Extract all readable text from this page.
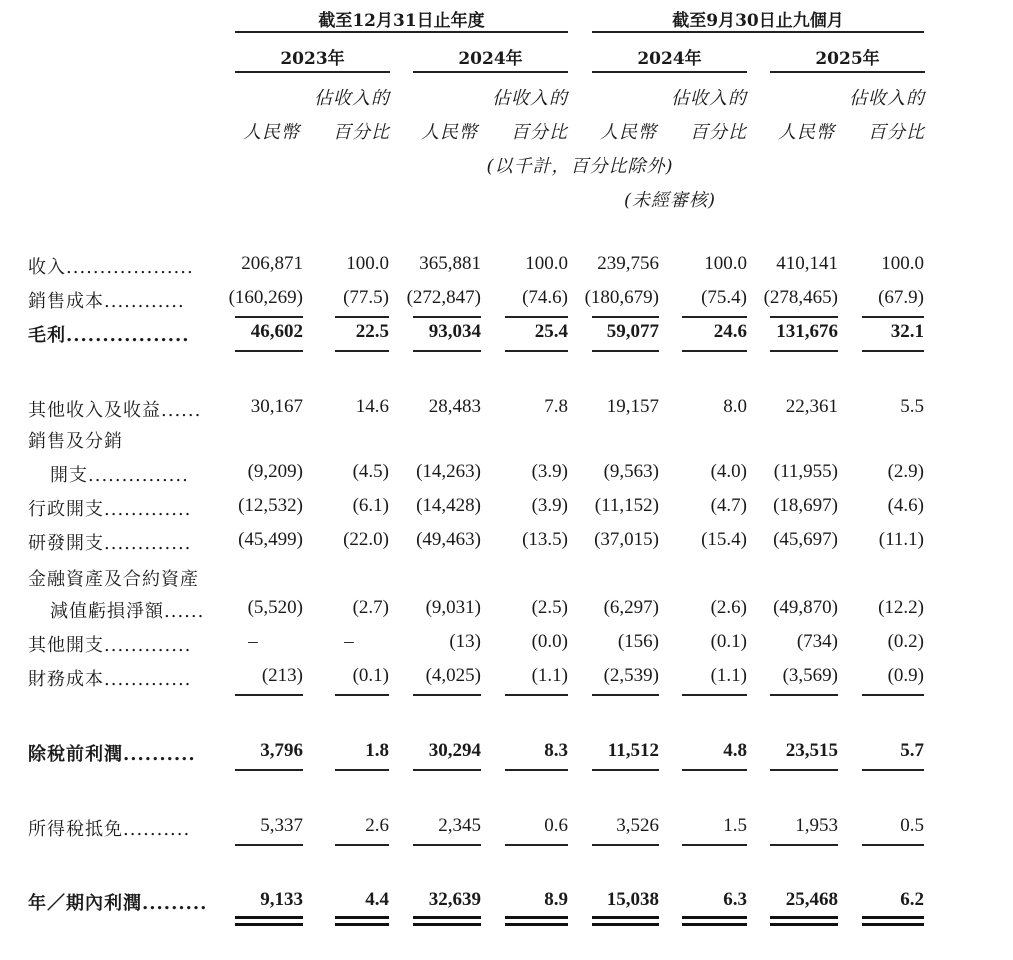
截至12月31日止年度	截至9月30日止九個月
2023年	2024年	2024年	2025年
佔收入的	佔收入的	佔收入的	佔收入的
人民幣	百分比	人民幣	百分比	人民幣	百分比	人民幣	百分比
(以千計，百分比除外)
(未經審核)
收入...................	206,871	100.0	365,881	100.0	239,756	100.0	410,141	100.0
銷售成本............	(160,269)	(77.5) (272,847)	(74.6) (180,679)	(75.4) (278,465)	(67.9)
毛利.................	46,602	22.5	93,034	25.4	59,077	24.6	131,676	32.1
其他收入及收益......	30,167	14.6	28,483	7.8	19,157	8.0	22,361	5.5
銷售及分銷
開支...............	(9,209)	(4.5)	(14,263)	(3.9)	(9,563)	(4.0)	(11,955)	(2.9)
行政開支.............	(12,532)	(6.1)	(14,428)	(3.9)	(11,152)	(4.7)	(18,697)	(4.6)
研發開支.............	(45,499)	(22.0)	(49,463)	(13.5)	(37,015)	(15.4)	(45,697)	(11.1)
金融資產及合約資產
減值虧損淨額......	(5,520)	(2.7)	(9,031)	(2.5)	(6,297)	(2.6)	(49,870)	(12.2)
其他開支.............	–	–	(13)	(0.0)	(156)	(0.1)	(734)	(0.2)
財務成本.............	(213)	(0.1)	(4,025)	(1.1)	(2,539)	(1.1)	(3,569)	(0.9)
除稅前利潤..........	3,796	1.8	30,294	8.3	11,512	4.8	23,515	5.7
所得稅抵免..........	5,337	2.6	2,345	0.6	3,526	1.5	1,953	0.5
年／期內利潤.........	9,133	4.4	32,639	8.9	15,038	6.3	25,468	6.2
